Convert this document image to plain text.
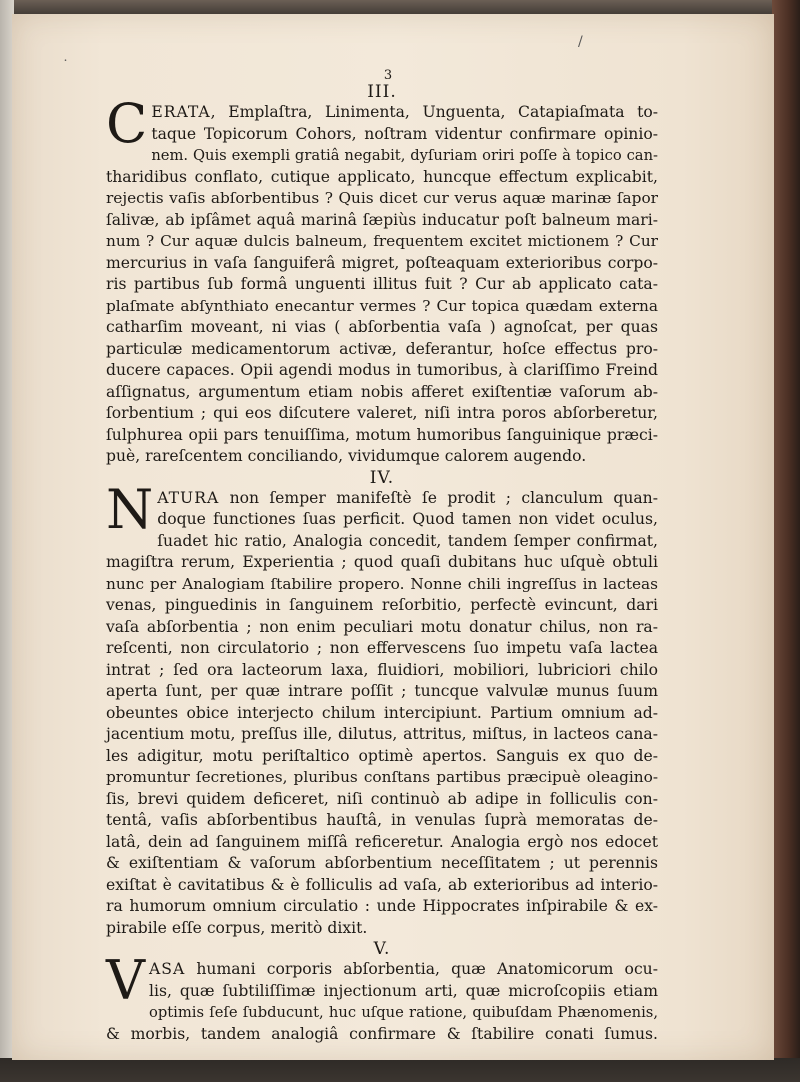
˙
/
3
III.
C ERATA, Emplaſtra, Linimenta, Unguenta, Catapiaſmata to-
taque Topicorum Cohors, noſtram videntur confirmare opinio-
nem. Quis exempli gratiâ negabit, dyſuriam oriri poſſe à topico can-
tharidibus conflato, cutique applicato, huncque effectum explicabit,
rejectis vaſis abſorbentibus ? Quis dicet cur verus aquæ marinæ ſapor
ſalivæ, ab ipſâmet aquâ marinâ ſæpiùs inducatur poſt balneum mari-
num ? Cur aquæ dulcis balneum, frequentem excitet mictionem ? Cur
mercurius in vaſa ſanguiferâ migret, poſteaquam exterioribus corpo-
ris partibus ſub formâ unguenti illitus fuit ? Cur ab applicato cata-
plaſmate abſynthiato enecantur vermes ? Cur topica quædam externa
catharſim moveant, ni vias ( abſorbentia vaſa ) agnoſcat, per quas
particulæ medicamentorum activæ, deferantur, hoſce effectus pro-
ducere capaces. Opii agendi modus in tumoribus, à clariſſimo Freind
aſſignatus, argumentum etiam nobis afferet exiſtentiæ vaſorum ab-
ſorbentium ; qui eos diſcutere valeret, niſi intra poros abſorberetur,
ſulphurea opii pars tenuiſſima, motum humoribus ſanguinique præci-
puè, rareſcentem conciliando, vividumque calorem augendo.
IV.
N ATURA non ſemper manifeſtè ſe prodit ; clanculum quan-
doque functiones ſuas perficit. Quod tamen non videt oculus,
ſuadet hic ratio, Analogia concedit, tandem ſemper confirmat,
magiſtra rerum, Experientia ; quod quaſi dubitans huc uſquè obtuli
nunc per Analogiam ſtabilire propero. Nonne chili ingreſſus in lacteas
venas, pinguedinis in ſanguinem reſorbitio, perfectè evincunt, dari
vaſa abſorbentia ; non enim peculiari motu donatur chilus, non ra-
reſcenti, non circulatorio ; non effervescens ſuo impetu vaſa lactea
intrat ; ſed ora lacteorum laxa, fluidiori, mobiliori, lubriciori chilo
aperta ſunt, per quæ intrare poſſit ; tuncque valvulæ munus ſuum
obeuntes obice interjecto chilum intercipiunt. Partium omnium ad-
jacentium motu, preſſus ille, dilutus, attritus, miſtus, in lacteos cana-
les adigitur, motu periſtaltico optimè apertos. Sanguis ex quo de-
promuntur ſecretiones, pluribus conſtans partibus præcipuè oleagino-
ſis, brevi quidem deficeret, niſi continuò ab adipe in folliculis con-
tentâ, vaſis abſorbentibus hauſtâ, in venulas ſuprà memoratas de-
latâ, dein ad ſanguinem miſſâ reficeretur. Analogia ergò nos edocet
& exiſtentiam & vaſorum abſorbentium neceſſitatem ; ut perennis
exiſtat è cavitatibus & è folliculis ad vaſa, ab exterioribus ad interio-
ra humorum omnium circulatio : unde Hippocrates inſpirabile & ex-
pirabile eſſe corpus, meritò dixit.
V.
V ASA humani corporis abſorbentia, quæ Anatomicorum ocu-
lis, quæ ſubtiliſſimæ injectionum arti, quæ microſcopiis etiam
optimis ſeſe ſubducunt, huc uſque ratione, quibuſdam Phænomenis,
& morbis, tandem analogiâ confirmare & ſtabilire conati ſumus.
